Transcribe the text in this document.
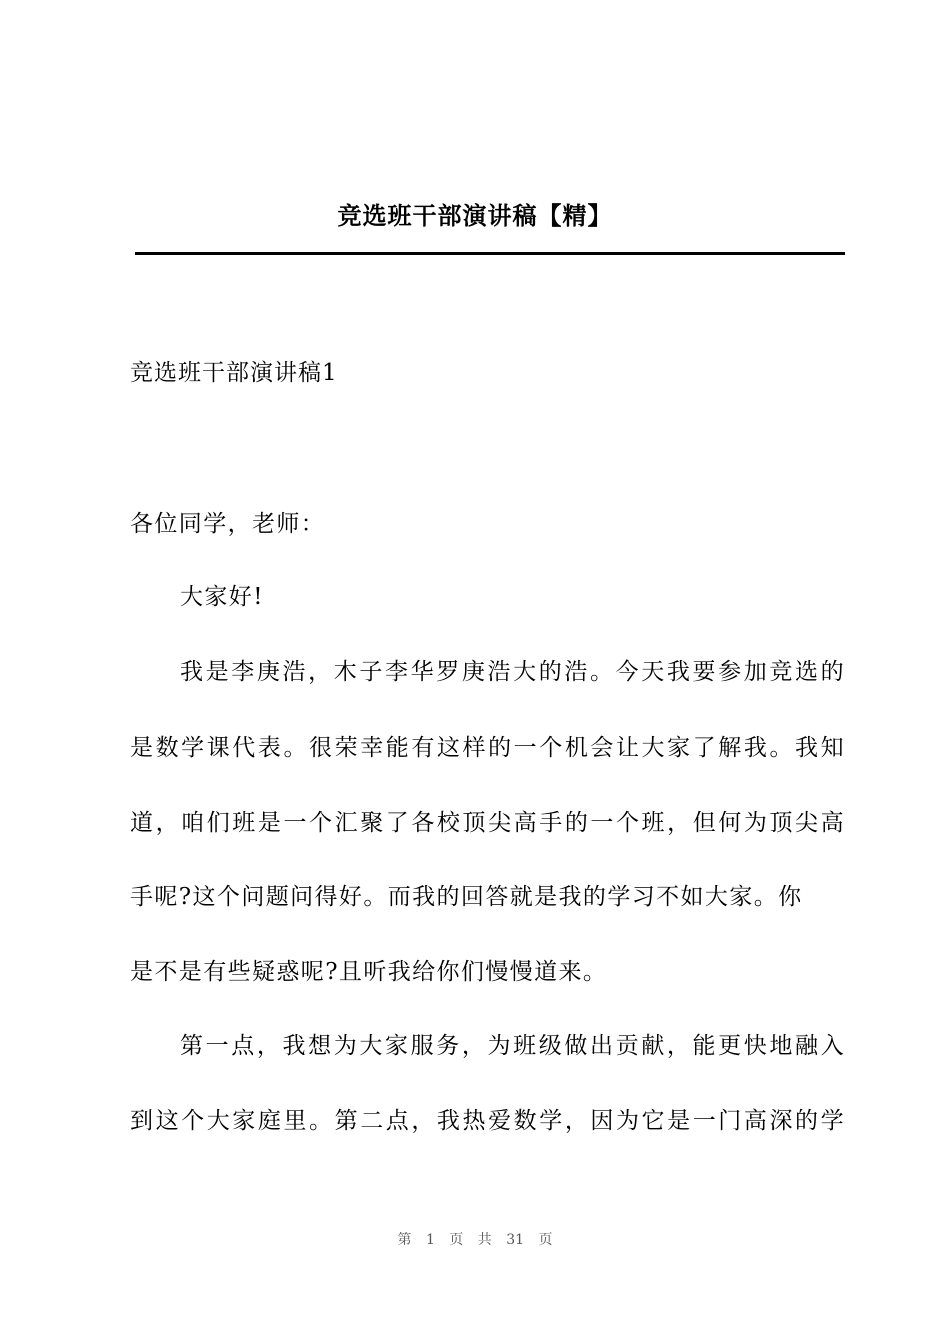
竞选班干部演讲稿【精】
竞选班干部演讲稿1
各位同学，老师：
大家好!
我是李庚浩，木子李华罗庚浩大的浩。今天我要参加竞选的
是数学课代表。很荣幸能有这样的一个机会让大家了解我。我知
道，咱们班是一个汇聚了各校顶尖高手的一个班，但何为顶尖高
手呢?这个问题问得好。而我的回答就是我的学习不如大家。你
是不是有些疑惑呢?且听我给你们慢慢道来。
第一点，我想为大家服务，为班级做出贡献，能更快地融入
到这个大家庭里。第二点，我热爱数学，因为它是一门高深的学
第 1 页 共 31 页
